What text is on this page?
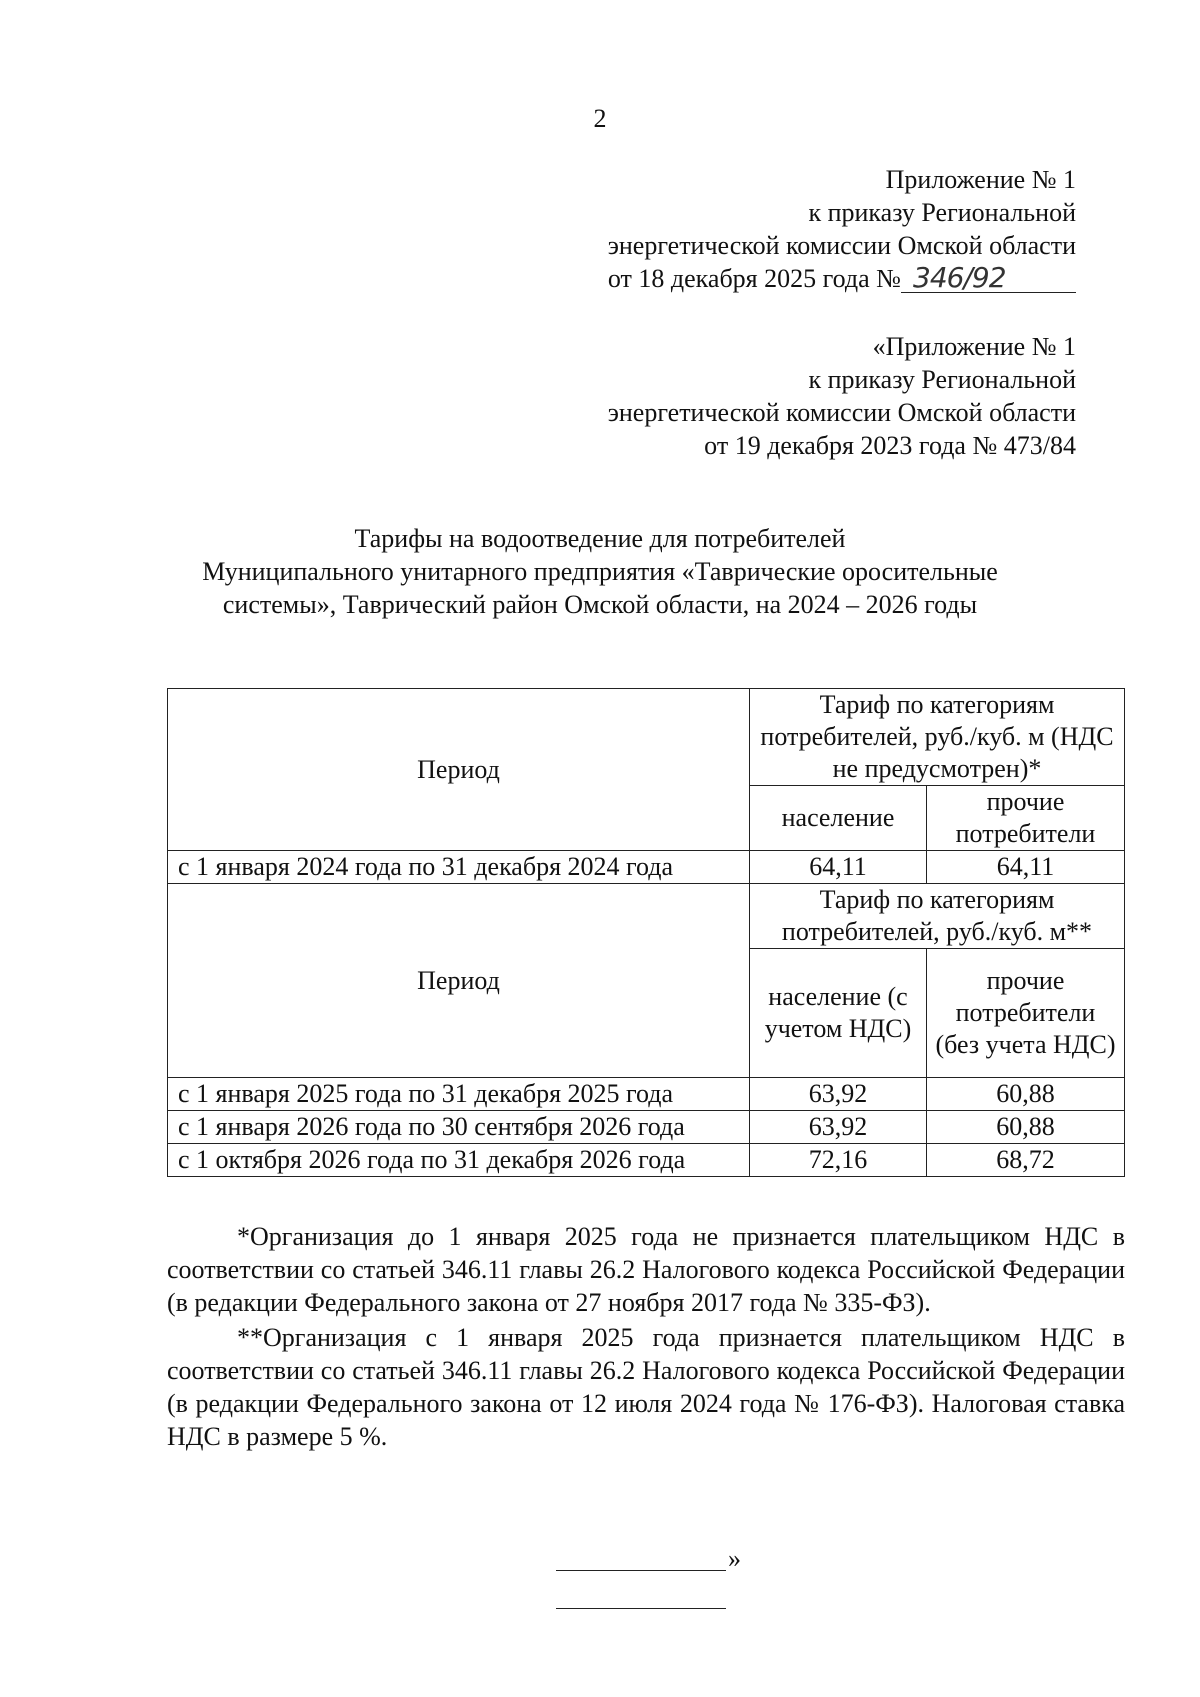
2
Приложение № 1
к приказу Региональной
энергетической комиссии Омской области
от 18 декабря 2025 года № 346/92
«Приложение № 1
к приказу Региональной
энергетической комиссии Омской области
от 19 декабря 2023 года № 473/84
Тарифы на водоотведение для потребителей
Муниципального унитарного предприятия «Таврические оросительные
системы», Таврический район Омской области, на 2024 – 2026 годы
Период	Тариф по категориям потребителей, руб./куб. м (НДС не предусмотрен)*	
	население	прочие потребители
с 1 января 2024 года по 31 декабря 2024 года	64,11	64,11
Период	Тариф по категориям потребителей, руб./куб. м**	
	население (с учетом НДС)	прочие потребители (без учета НДС)
с 1 января 2025 года по 31 декабря 2025 года	63,92	60,88
с 1 января 2026 года по 30 сентября 2026 года	63,92	60,88
с 1 октября 2026 года по 31 декабря 2026 года	72,16	68,72

*Организация до 1 января 2025 года не признается плательщиком НДС в соответствии со статьей 346.11 главы 26.2 Налогового кодекса Российской Федерации (в редакции Федерального закона от 27 ноября 2017 года № 335-ФЗ).

**Организация с 1 января 2025 года признается плательщиком НДС в соответствии со статьей 346.11 главы 26.2 Налогового кодекса Российской Федерации (в редакции Федерального закона от 12 июля 2024 года № 176-ФЗ). Налоговая ставка НДС в размере 5 %.

»
